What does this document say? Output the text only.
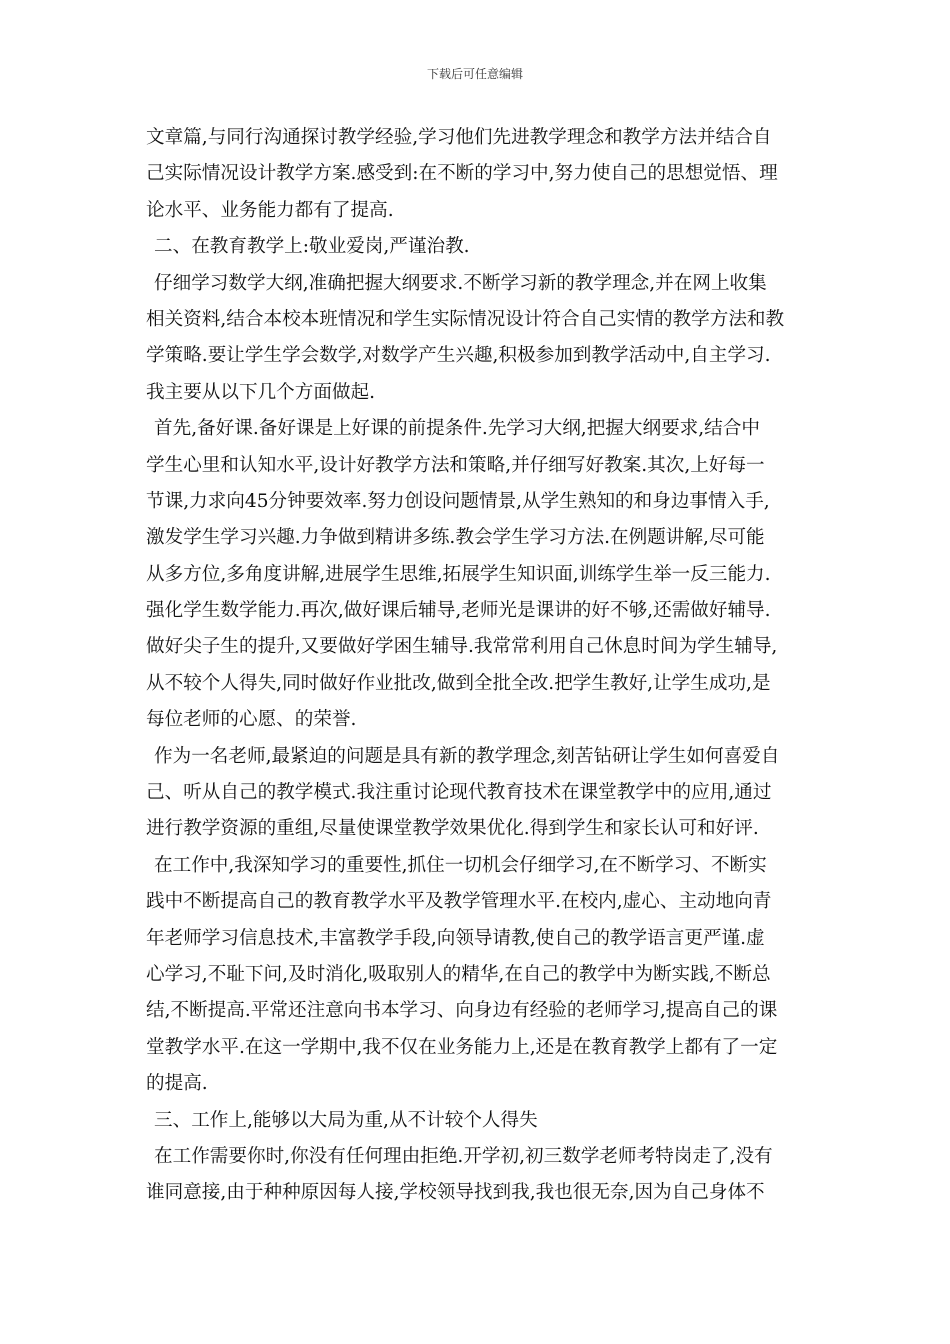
下载后可任意编辑
文章篇,与同行沟通探讨教学经验,学习他们先进教学理念和教学方法并结合自
己实际情况设计教学方案.感受到:在不断的学习中,努力使自己的思想觉悟、理
论水平、业务能力都有了提高.
二、在教育教学上:敬业爱岗,严谨治教.
仔细学习数学大纲,准确把握大纲要求.不断学习新的教学理念,并在网上收集
相关资料,结合本校本班情况和学生实际情况设计符合自己实情的教学方法和教
学策略.要让学生学会数学,对数学产生兴趣,积极参加到教学活动中,自主学习.
我主要从以下几个方面做起.
首先,备好课.备好课是上好课的前提条件.先学习大纲,把握大纲要求,结合中
学生心里和认知水平,设计好教学方法和策略,并仔细写好教案.其次,上好每一
节课,力求向45分钟要效率.努力创设问题情景,从学生熟知的和身边事情入手,
激发学生学习兴趣.力争做到精讲多练.教会学生学习方法.在例题讲解,尽可能
从多方位,多角度讲解,进展学生思维,拓展学生知识面,训练学生举一反三能力.
强化学生数学能力.再次,做好课后辅导,老师光是课讲的好不够,还需做好辅导.
做好尖子生的提升,又要做好学困生辅导.我常常利用自己休息时间为学生辅导,
从不较个人得失,同时做好作业批改,做到全批全改.把学生教好,让学生成功,是
每位老师的心愿、的荣誉.
作为一名老师,最紧迫的问题是具有新的教学理念,刻苦钻研让学生如何喜爱自
己、听从自己的教学模式.我注重讨论现代教育技术在课堂教学中的应用,通过
进行教学资源的重组,尽量使课堂教学效果优化.得到学生和家长认可和好评.
在工作中,我深知学习的重要性,抓住一切机会仔细学习,在不断学习、不断实
践中不断提高自己的教育教学水平及教学管理水平.在校内,虚心、主动地向青
年老师学习信息技术,丰富教学手段,向领导请教,使自己的教学语言更严谨.虚
心学习,不耻下问,及时消化,吸取别人的精华,在自己的教学中为断实践,不断总
结,不断提高.平常还注意向书本学习、向身边有经验的老师学习,提高自己的课
堂教学水平.在这一学期中,我不仅在业务能力上,还是在教育教学上都有了一定
的提高.
三、工作上,能够以大局为重,从不计较个人得失
在工作需要你时,你没有任何理由拒绝.开学初,初三数学老师考特岗走了,没有
谁同意接,由于种种原因每人接,学校领导找到我,我也很无奈,因为自己身体不
